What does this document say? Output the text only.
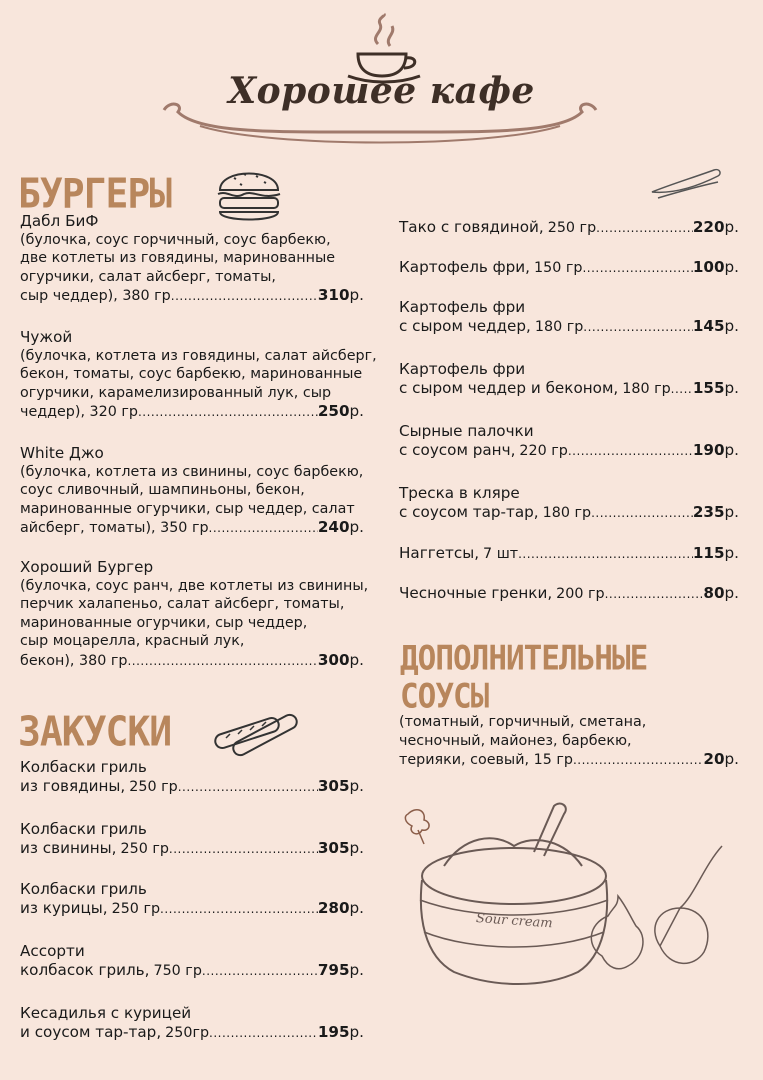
Хорошее кафе
БУРГЕРЫ
Дабл БиФ
(булочка, соус горчичный, соус барбекю,
две котлеты из говядины, маринованные
огурчики, салат айсберг, томаты,
сыр чеддер), 380 гр .....	310р.
Чужой
(булочка, котлета из говядины, салат айсберг,
бекон, томаты, соус барбекю, маринованные
огурчики, карамелизированный лук, сыр
чеддер), 320 гр .....	250р.
White Джо
(булочка, котлета из свинины, соус барбекю,
соус сливочный, шампиньоны, бекон,
маринованные огурчики, сыр чеддер, салат
айсберг, томаты), 350 гр .....	240р.
Хороший Бургер
(булочка, соус ранч, две котлеты из свинины,
перчик халапеньо, салат айсберг, томаты,
маринованные огурчики, сыр чеддер,
сыр моцарелла, красный лук,
бекон), 380 гр .....	300р.
ЗАКУСКИ
Колбаски гриль
из говядины, 250 гр .....	305р.
Колбаски гриль
из свинины, 250 гр .....	305р.
Колбаски гриль
из курицы, 250 гр .....	280р.
Ассорти
колбасок гриль, 750 гр .....	795р.
Кесадилья с курицей
и соусом тар-тар, 250гр .....	195р.
Тако с говядиной, 250 гр .....	220р.
Картофель фри, 150 гр .....	100р.
Картофель фри
с сыром чеддер, 180 гр .....	145р.
Картофель фри
с сыром чеддер и беконом, 180 гр ..... 155р.
Сырные палочки
с соусом ранч, 220 гр .....	190р.
Треска в кляре
с соусом тар-тар, 180 гр .....	235р.
Наггетсы, 7 шт .....	115р.
Чесночные гренки, 200 гр .....	80р.
ДОПОЛНИТЕЛЬНЫЕ
СОУСЫ
(томатный, горчичный, сметана,
чесночный, майонез, барбекю,
терияки, соевый, 15 гр .....	20р.
Sour cream
